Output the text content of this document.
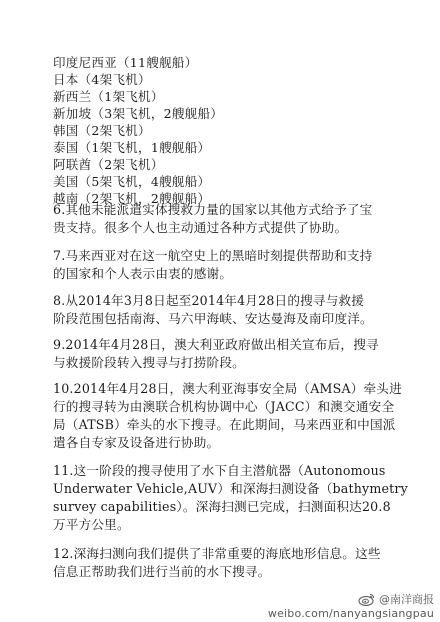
印度尼西亚（11艘舰船）
日本（4架飞机）
新西兰（1架飞机）
新加坡（3架飞机，2艘舰船）
韩国（2架飞机）
泰国（1架飞机，1艘舰船）
阿联酋（2架飞机）
美国（5架飞机，4艘舰船）
越南（2架飞机，2艘舰船）

6.其他未能派遣实体搜救力量的国家以其他方式给予了宝
贵支持。很多个人也主动通过各种方式提供了协助。

7.马来西亚对在这一航空史上的黑暗时刻提供帮助和支持
的国家和个人表示由衷的感谢。

8.从2014年3月8日起至2014年4月28日的搜寻与救援
阶段范围包括南海、马六甲海峡、安达曼海及南印度洋。

9.2014年4月28日，澳大利亚政府做出相关宣布后，搜寻
与救援阶段转入搜寻与打捞阶段。

10.2014年4月28日，澳大利亚海事安全局（AMSA）牵头进
行的搜寻转为由澳联合机构协调中心（JACC）和澳交通安全
局（ATSB）牵头的水下搜寻。在此期间，马来西亚和中国派
遣各自专家及设备进行协助。

11.这一阶段的搜寻使用了水下自主潜航器（Autonomous
Underwater Vehicle,AUV）和深海扫测设备（bathymetry
survey capabilities）。深海扫测已完成，扫测面积达20.8
万平方公里。

12.深海扫测向我们提供了非常重要的海底地形信息。这些
信息正帮助我们进行当前的水下搜寻。

@南洋商报
weibo.com/nanyangsiangpau
